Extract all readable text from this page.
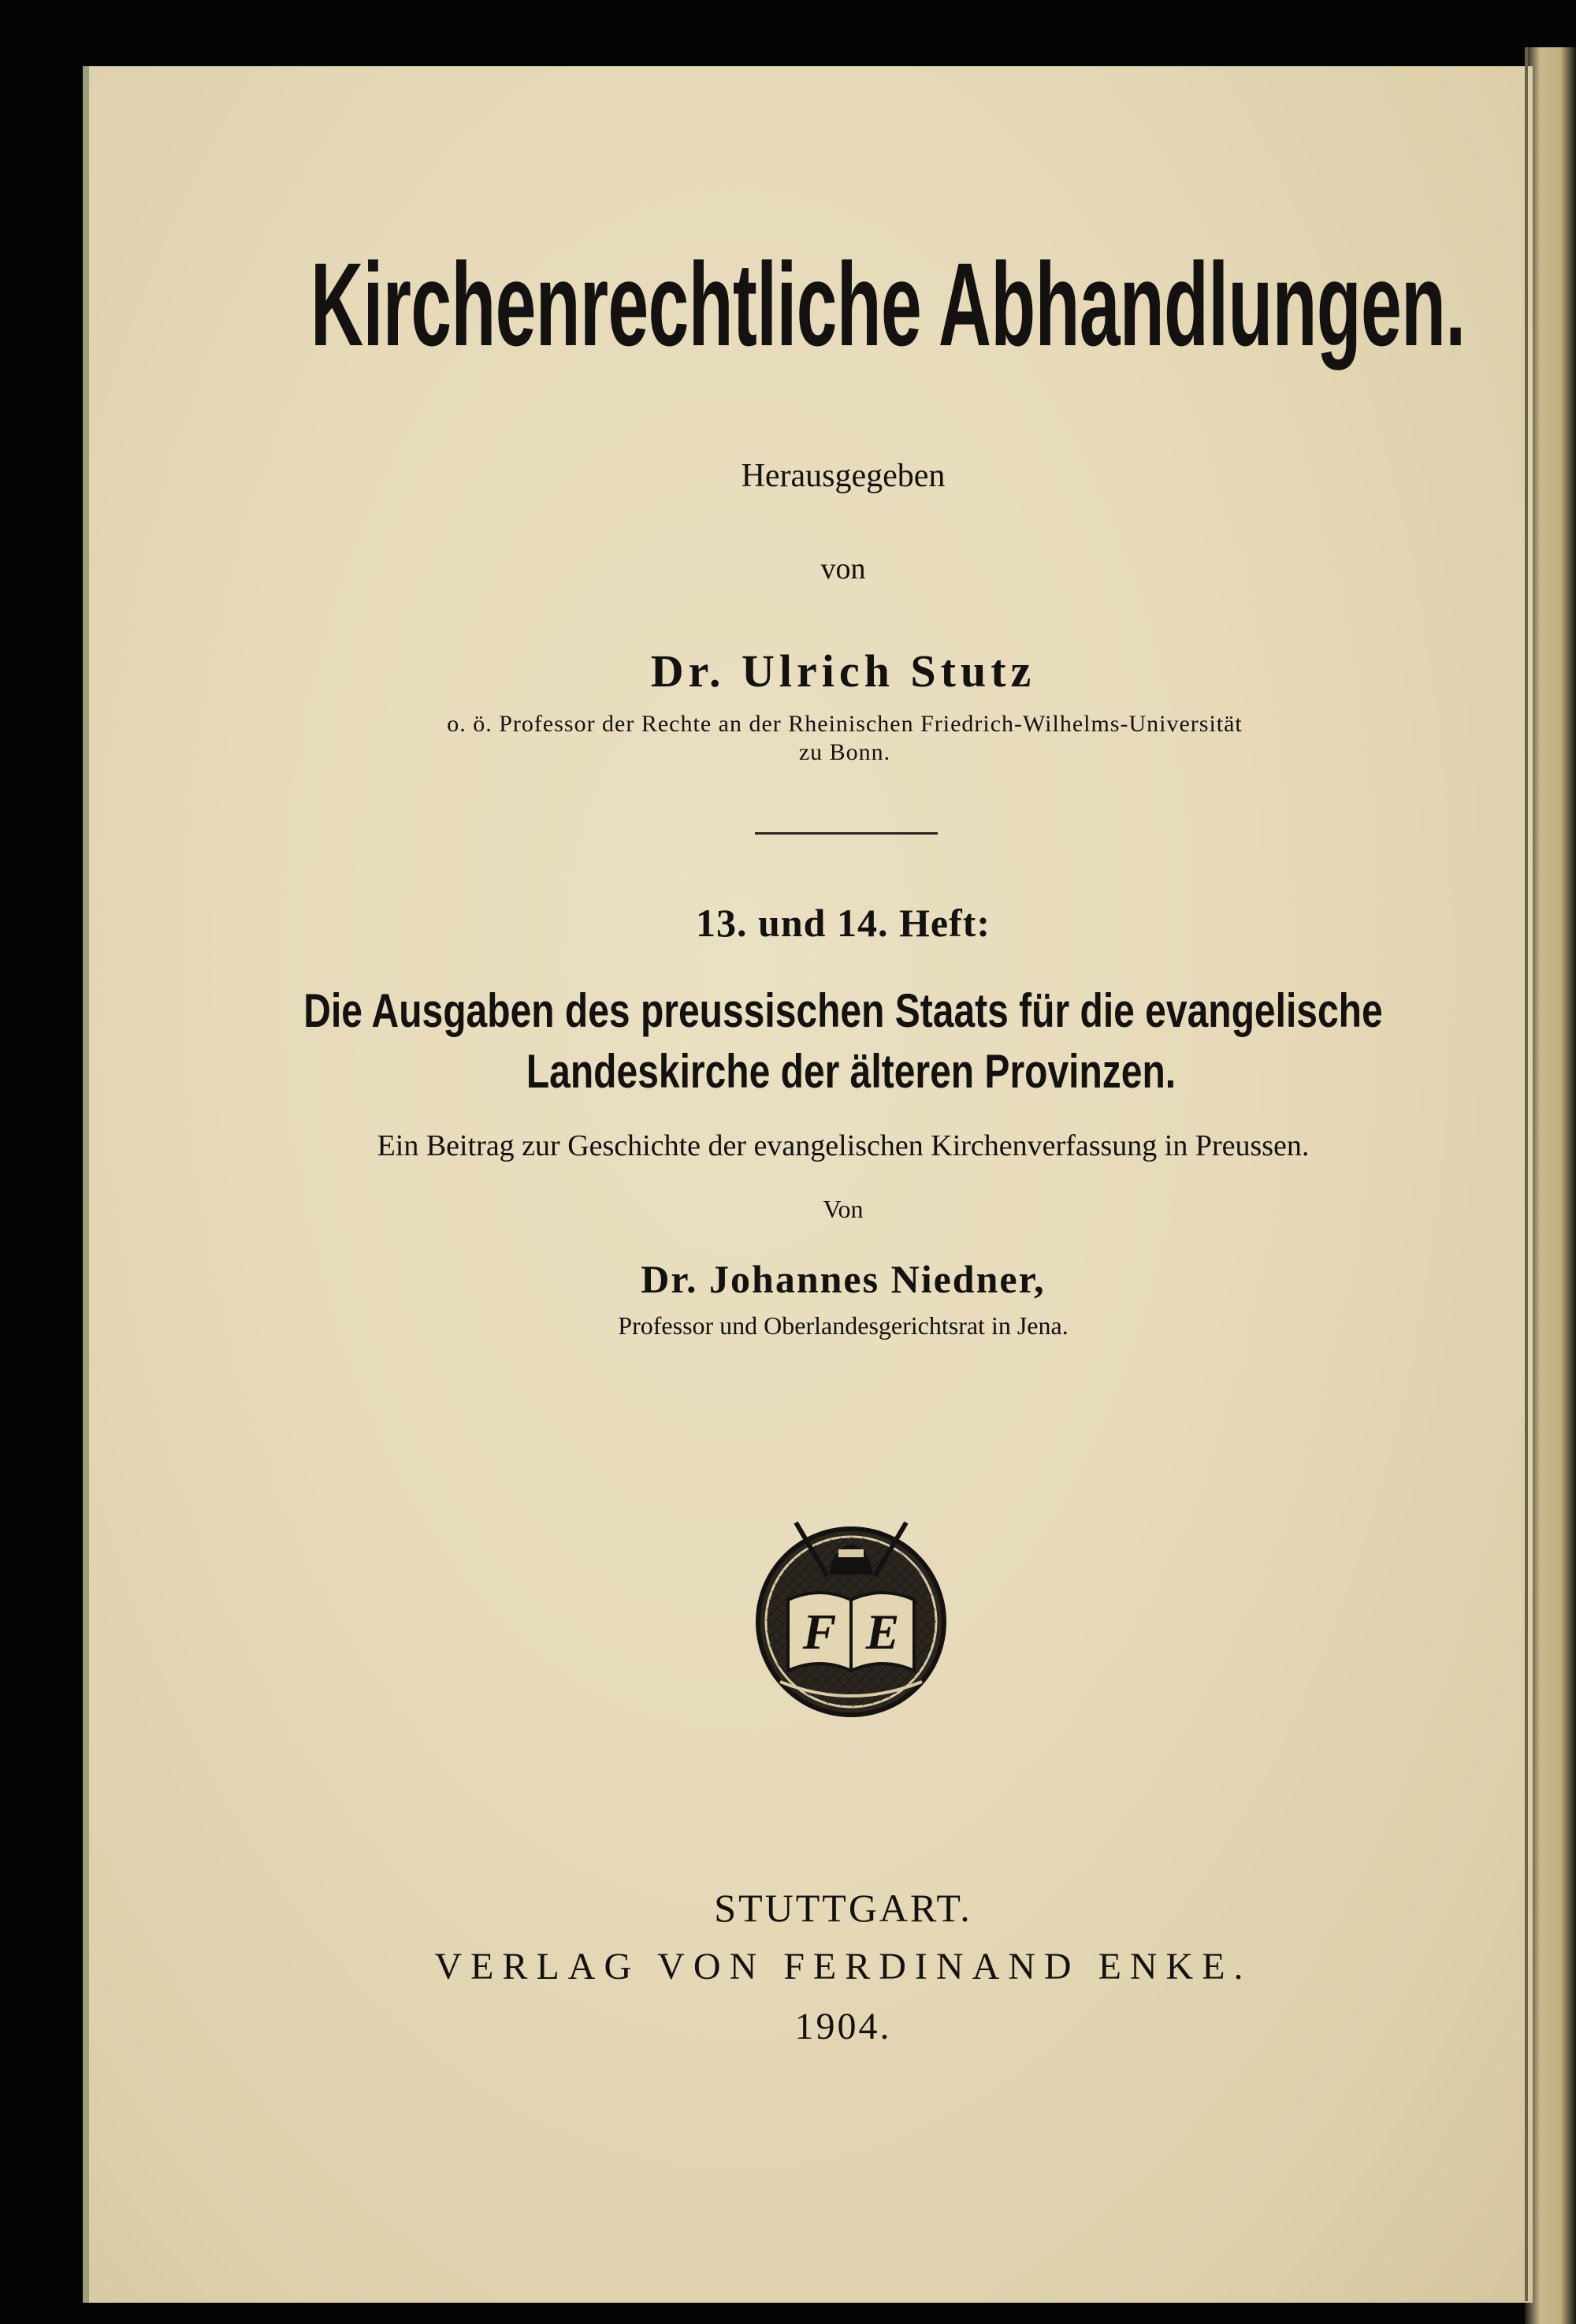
Kirchenrechtliche Abhandlungen.
Herausgegeben
von
Dr. Ulrich Stutz
o. ö. Professor der Rechte an der Rheinischen Friedrich-Wilhelms-Universität
zu Bonn.
13. und 14. Heft:
Die Ausgaben des preussischen Staats für die evangelische
Landeskirche der älteren Provinzen.
Ein Beitrag zur Geschichte der evangelischen Kirchenverfassung in Preussen.
Von
Dr. Johannes Niedner,
Professor und Oberlandesgerichtsrat in Jena.
F E
STUTTGART.
VERLAG VON FERDINAND ENKE.
1904.
